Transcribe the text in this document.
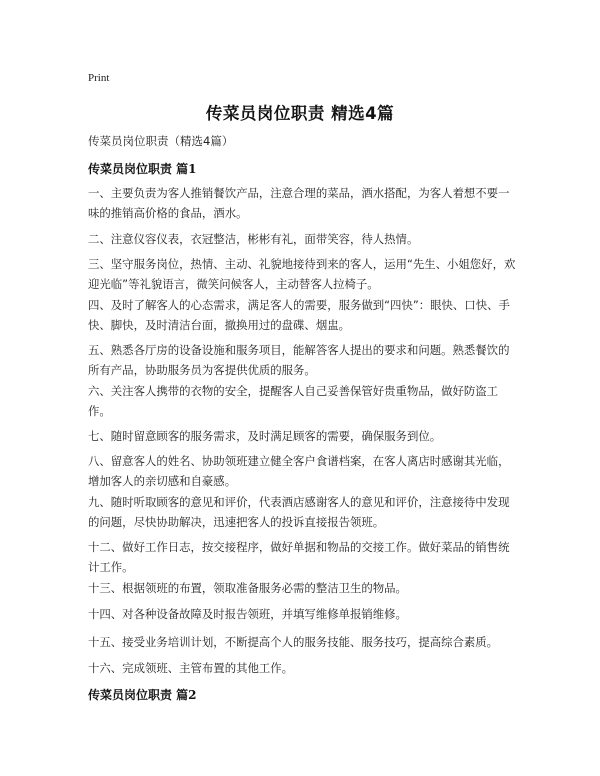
Print
传菜员岗位职责 精选4篇
传菜员岗位职责（精选4篇）
传菜员岗位职责 篇1
一、主要负责为客人推销餐饮产品，注意合理的菜品，酒水搭配，为客人着想不要一味的推销高价格的食品，酒水。
二、注意仪容仪表，衣冠整洁，彬彬有礼，面带笑容，待人热情。
三、坚守服务岗位，热情、主动、礼貌地接待到来的客人，运用“先生、小姐您好，欢迎光临”等礼貌语言，微笑问候客人，主动替客人拉椅子。
四、及时了解客人的心态需求，满足客人的需要，服务做到“四快”：眼快、口快、手快、脚快，及时清洁台面，撤换用过的盘碟、烟盅。
五、熟悉各厅房的设备设施和服务项目，能解答客人提出的要求和问题。熟悉餐饮的所有产品，协助服务员为客提供优质的服务。
六、关注客人携带的衣物的安全，提醒客人自己妥善保管好贵重物品，做好防盗工作。
七、随时留意顾客的服务需求，及时满足顾客的需要，确保服务到位。
八、留意客人的姓名、协助领班建立健全客户食谱档案，在客人离店时感谢其光临，增加客人的亲切感和自豪感。
九、随时听取顾客的意见和评价，代表酒店感谢客人的意见和评价，注意接待中发现的问题，尽快协助解决，迅速把客人的投诉直接报告领班。
十二、做好工作日志，按交接程序，做好单据和物品的交接工作。做好菜品的销售统计工作。
十三、根据领班的布置，领取准备服务必需的整洁卫生的物品。
十四、对各种设备故障及时报告领班，并填写维修单报销维修。
十五、接受业务培训计划，不断提高个人的服务技能、服务技巧，提高综合素质。
十六、完成领班、主管布置的其他工作。
传菜员岗位职责 篇2
